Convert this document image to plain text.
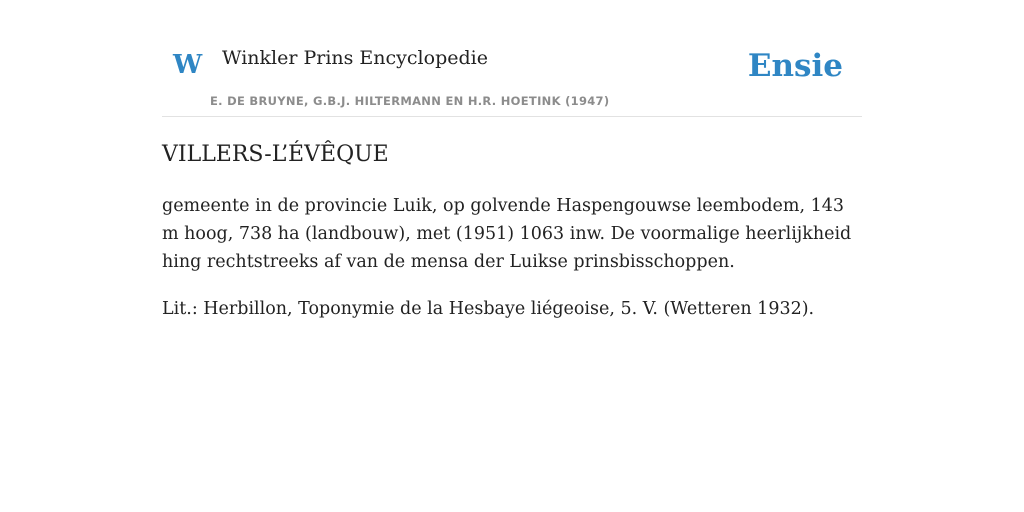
W Winkler Prins Encyclopedie
E. DE BRUYNE, G.B.J. HILTERMANN EN H.R. HOETINK (1947)
Ensie
VILLERS-L’ÉVÊQUE

gemeente in de provincie Luik, op golvende Haspengouwse leembodem, 143 m hoog, 738 ha (landbouw), met (1951) 1063 inw. De voormalige heerlijkheid hing rechtstreeks af van de mensa der Luikse prinsbisschoppen.

Lit.: Herbillon, Toponymie de la Hesbaye liégeoise, 5. V. (Wetteren 1932).
